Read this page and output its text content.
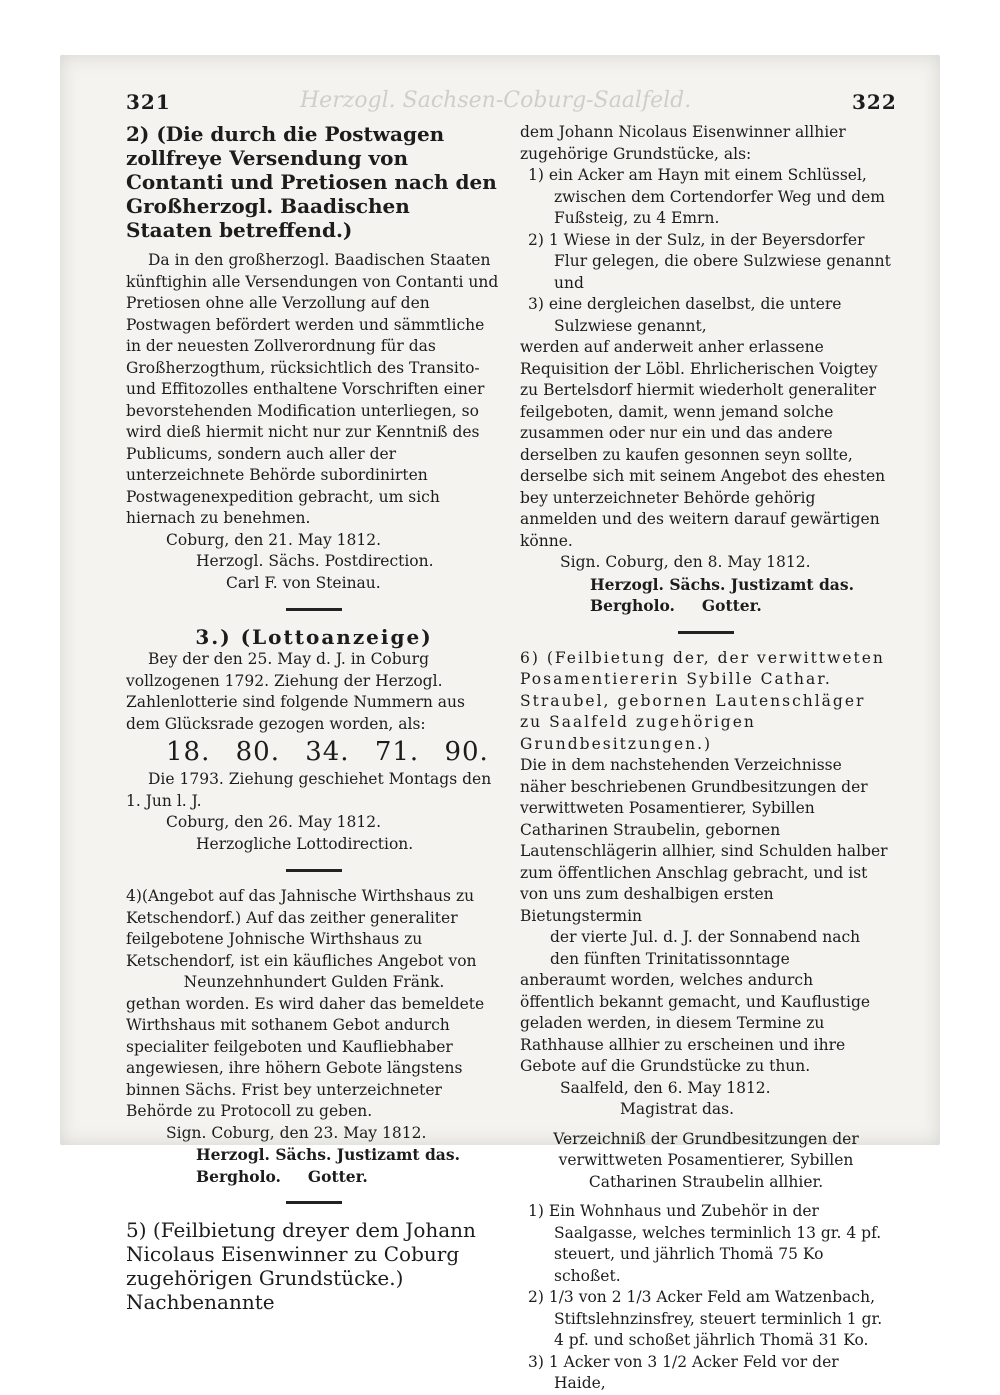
Herzogl. Sachsen-Coburg-Saalfeld.
321	322

2) (Die durch die Postwagen zollfreye Versendung von Contanti und Pretiosen nach den Großherzogl. Baadischen Staaten betreffend.)

Da in den großherzogl. Baadischen Staaten künftighin alle Versendungen von Contanti und Pretiosen ohne alle Verzollung auf den Postwagen befördert werden und sämmtliche in der neuesten Zollverordnung für das Großherzogthum, rücksichtlich des Transito- und Effitozolles enthaltene Vorschriften einer bevorstehenden Modification unterliegen, so wird dieß hiermit nicht nur zur Kenntniß des Publicums, sondern auch aller der unterzeichnete Behörde subordinirten Postwagenexpedition gebracht, um sich hiernach zu benehmen.

Coburg, den 21. May 1812.

Herzogl. Sächs. Postdirection.

Carl F. von Steinau.

3.) (Lottoanzeige)

Bey der den 25. May d. J. in Coburg vollzogenen 1792. Ziehung der Herzogl. Zahlenlotterie sind folgende Nummern aus dem Glücksrade gezogen worden, als:

18. 80. 34. 71. 90.

Die 1793. Ziehung geschiehet Montags den 1. Jun l. J.

Coburg, den 26. May 1812.

Herzogliche Lottodirection.

4)(Angebot auf das Jahnische Wirthshaus zu Ketschendorf.) Auf das zeither generaliter feilgebotene Johnische Wirthshaus zu Ketschendorf, ist ein käufliches Angebot von

Neunzehnhundert Gulden Fränk.

gethan worden. Es wird daher das bemeldete Wirthshaus mit sothanem Gebot andurch specialiter feilgeboten und Kaufliebhaber angewiesen, ihre höhern Gebote längstens binnen Sächs. Frist bey unterzeichneter Behörde zu Protocoll zu geben.

Sign. Coburg, den 23. May 1812.

Herzogl. Sächs. Justizamt das.

Bergholo.     Gotter.

5) (Feilbietung dreyer dem Johann Nicolaus Eisenwinner zu Coburg zugehörigen Grundstücke.) Nachbenannte

dem Johann Nicolaus Eisenwinner allhier zugehörige Grundstücke, als:

1) ein Acker am Hayn mit einem Schlüssel, zwischen dem Cortendorfer Weg und dem Fußsteig, zu 4 Emrn.

2) 1 Wiese in der Sulz, in der Beyersdorfer Flur gelegen, die obere Sulzwiese genannt und

3) eine dergleichen daselbst, die untere Sulzwiese genannt,

werden auf anderweit anher erlassene Requisition der Löbl. Ehrlicherischen Voigtey zu Bertelsdorf hiermit wiederholt generaliter feilgeboten, damit, wenn jemand solche zusammen oder nur ein und das andere derselben zu kaufen gesonnen seyn sollte, derselbe sich mit seinem Angebot des ehesten bey unterzeichneter Behörde gehörig anmelden und des weitern darauf gewärtigen könne.

Sign. Coburg, den 8. May 1812.

Herzogl. Sächs. Justizamt das.

Bergholo.     Gotter.

6) (Feilbietung der, der verwittweten Posamentiererin Sybille Cathar. Straubel, gebornen Lautenschläger zu Saalfeld zugehörigen Grundbesitzungen.)

Die in dem nachstehenden Verzeichnisse näher beschriebenen Grundbesitzungen der verwittweten Posamentierer, Sybillen Catharinen Straubelin, gebornen Lautenschlägerin allhier, sind Schulden halber zum öffentlichen Anschlag gebracht, und ist von uns zum deshalbigen ersten Bietungstermin

der vierte Jul. d. J. der Sonnabend nach den fünften Trinitatissonntage

anberaumt worden, welches andurch öffentlich bekannt gemacht, und Kauflustige geladen werden, in diesem Termine zu Rathhause allhier zu erscheinen und ihre Gebote auf die Grundstücke zu thun.

Saalfeld, den 6. May 1812.

Magistrat das.

Verzeichniß der Grundbesitzungen der verwittweten Posamentierer, Sybillen Catharinen Straubelin allhier.

1) Ein Wohnhaus und Zubehör in der Saalgasse, welches terminlich 13 gr. 4 pf. steuert, und jährlich Thomä 75 Ko schoßet.

2) 1/3 von 2 1/3 Acker Feld am Watzenbach, Stiftslehnzinsfrey, steuert terminlich 1 gr. 4 pf. und schoßet jährlich Thomä 31 Ko.

3) 1 Acker von 3 1/2 Acker Feld vor der Haide,
